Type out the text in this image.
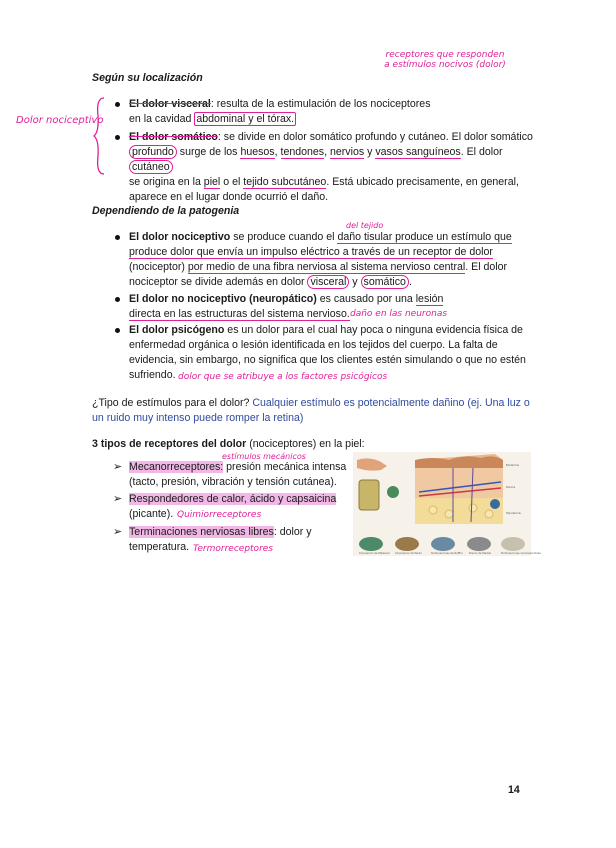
receptores que responden
a estímulos nocivos (dolor)
Según su localización
Dolor nociceptivo
El dolor visceral: resulta de la estimulación de los nociceptores
en la cavidad abdominal y el tórax.
El dolor somático: se divide en dolor somático profundo y cutáneo. El dolor somático
profundo surge de los huesos, tendones, nervios y vasos sanguíneos. El dolor cutáneo
se origina en la piel o el tejido subcutáneo. Está ubicado precisamente, en general,
aparece en el lugar donde ocurrió el daño.
Dependiendo de la patogenia
del tejido
El dolor nociceptivo se produce cuando el daño tisular produce un estímulo que
produce dolor que envía un impulso eléctrico a través de un receptor de dolor
(nociceptor) por medio de una fibra nerviosa al sistema nervioso central. El dolor
nociceptor se divide además en dolor visceral y somático .
El dolor no nociceptivo (neuropático) es causado por una lesión
directa en las estructuras del sistema nervioso. daño en las neuronas
El dolor psicógeno es un dolor para el cual hay poca o ninguna evidencia física de
enfermedad orgánica o lesión identificada en los tejidos del cuerpo. La falta de
evidencia, sin embargo, no significa que los clientes estén simulando o que no estén
sufriendo. dolor que se atribuye a los factores psicógicos
¿Tipo de estímulos para el dolor? Cualquier estímulo es potencialmente dañino (ej. Una luz o
un ruido muy intenso puede romper la retina)
3 tipos de receptores del dolor (nociceptores) en la piel:
estímulos mecánicos
➢ Mecanorreceptores: presión mecánica intensa
(tacto, presión, vibración y tensión cutánea).
➢ Respondedores de calor, ácido y capsaicina
(picante). Quimiorreceptores
➢ Terminaciones nerviosas libres: dolor y
temperatura. Termorreceptores
Epidermis
Dermis
Hipodermis
Corpúsculo de Meissner	Corpúsculo de Pacini	Terminaciones de Ruffini Discos de Merkel	Terminaciones nerviosas libres
14
